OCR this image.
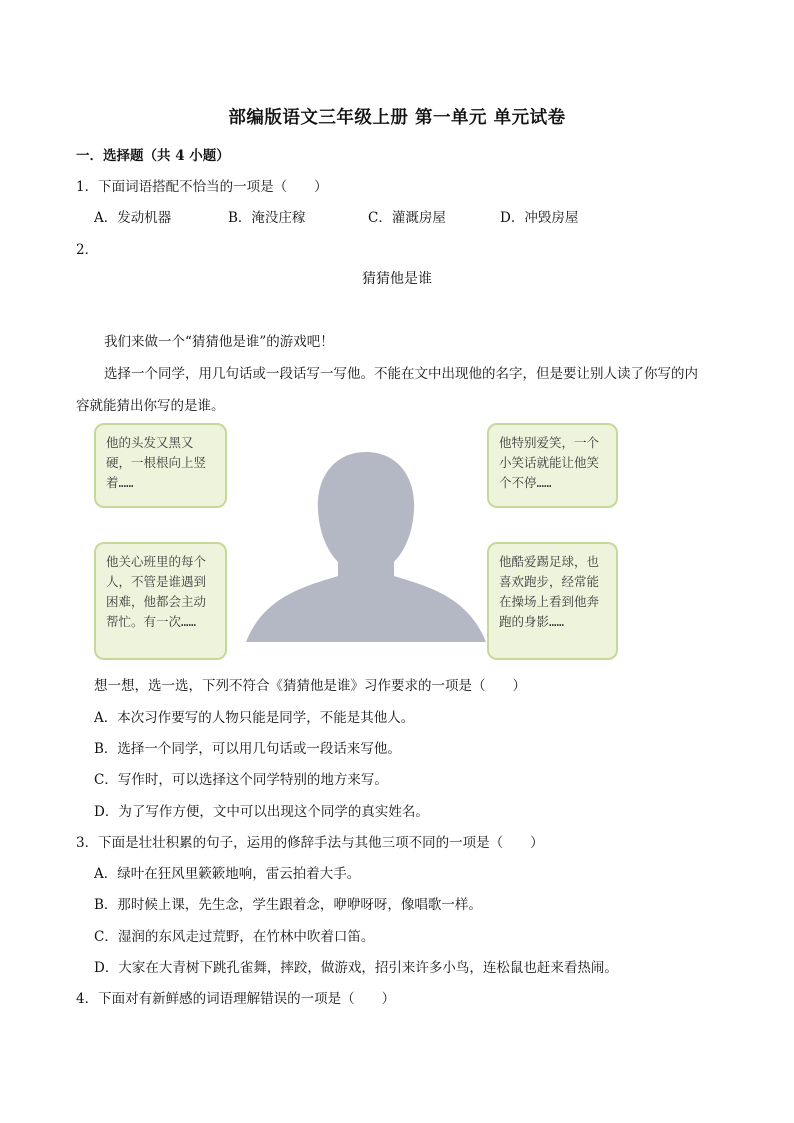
部编版语文三年级上册 第一单元 单元试卷
一．选择题（共 4 小题）
1．下面词语搭配不恰当的一项是（　　）
A．发动机器	B．淹没庄稼	C．灌溉房屋	D．冲毁房屋
2．
猜猜他是谁
我们来做一个“猜猜他是谁”的游戏吧！
选择一个同学，用几句话或一段话写一写他。不能在文中出现他的名字，但是要让别人读了你写的内
容就能猜出你写的是谁。
他的头发又黑又硬，一根根向上竖着……
他特别爱笑，一个小笑话就能让他笑个不停……
他关心班里的每个人，不管是谁遇到困难，他都会主动帮忙。有一次……
他酷爱踢足球，也喜欢跑步，经常能在操场上看到他奔跑的身影……
想一想，选一选，下列不符合《猜猜他是谁》习作要求的一项是（　　）
A．本次习作要写的人物只能是同学，不能是其他人。
B．选择一个同学，可以用几句话或一段话来写他。
C．写作时，可以选择这个同学特别的地方来写。
D．为了写作方便，文中可以出现这个同学的真实姓名。
3．下面是壮壮积累的句子，运用的修辞手法与其他三项不同的一项是（　　）
A．绿叶在狂风里簌簌地响，雷云拍着大手。
B．那时候上课，先生念，学生跟着念，咿咿呀呀，像唱歌一样。
C．湿润的东风走过荒野，在竹林中吹着口笛。
D．大家在大青树下跳孔雀舞，摔跤，做游戏，招引来许多小鸟，连松鼠也赶来看热闹。
4．下面对有新鲜感的词语理解错误的一项是（　　）
